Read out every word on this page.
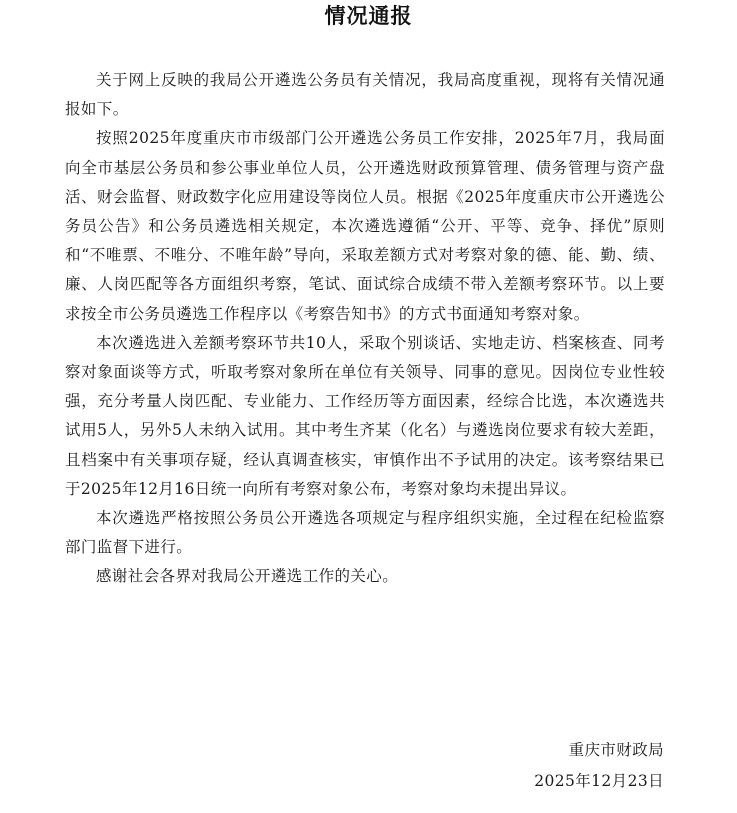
情况通报

关于网上反映的我局公开遴选公务员有关情况，我局高度重视，现将有关情况通报如下。

按照2025年度重庆市市级部门公开遴选公务员工作安排，2025年7月，我局面向全市基层公务员和参公事业单位人员，公开遴选财政预算管理、债务管理与资产盘活、财会监督、财政数字化应用建设等岗位人员。根据《2025年度重庆市公开遴选公务员公告》和公务员遴选相关规定，本次遴选遵循“公开、平等、竞争、择优”原则和“不唯票、不唯分、不唯年龄”导向，采取差额方式对考察对象的德、能、勤、绩、廉、人岗匹配等各方面组织考察，笔试、面试综合成绩不带入差额考察环节。以上要求按全市公务员遴选工作程序以《考察告知书》的方式书面通知考察对象。

本次遴选进入差额考察环节共10人，采取个别谈话、实地走访、档案核查、同考察对象面谈等方式，听取考察对象所在单位有关领导、同事的意见。因岗位专业性较强，充分考量人岗匹配、专业能力、工作经历等方面因素，经综合比选，本次遴选共试用5人，另外5人未纳入试用。其中考生齐某（化名）与遴选岗位要求有较大差距，且档案中有关事项存疑，经认真调查核实，审慎作出不予试用的决定。该考察结果已于2025年12月16日统一向所有考察对象公布，考察对象均未提出异议。

本次遴选严格按照公务员公开遴选各项规定与程序组织实施，全过程在纪检监察部门监督下进行。

感谢社会各界对我局公开遴选工作的关心。

重庆市财政局
2025年12月23日
